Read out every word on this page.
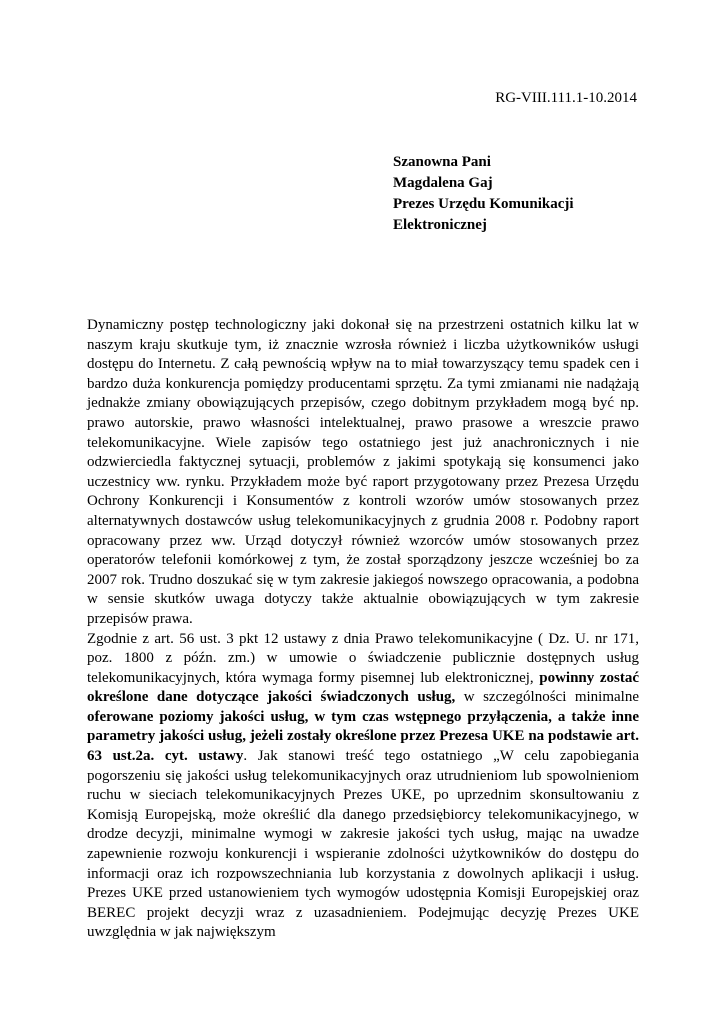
RG-VIII.111.1-10.2014
Szanowna Pani
Magdalena Gaj
Prezes Urzędu Komunikacji
Elektronicznej

Dynamiczny postęp technologiczny jaki dokonał się na przestrzeni ostatnich kilku lat w naszym kraju skutkuje tym, iż znacznie wzrosła również i liczba użytkowników usługi dostępu do Internetu. Z całą pewnością wpływ na to miał towarzyszący temu spadek cen i bardzo duża konkurencja pomiędzy producentami sprzętu. Za tymi zmianami nie nadążają jednakże zmiany obowiązujących przepisów, czego dobitnym przykładem mogą być np. prawo autorskie, prawo własności intelektualnej, prawo prasowe a wreszcie prawo telekomunikacyjne. Wiele zapisów tego ostatniego jest już anachronicznych i nie odzwierciedla faktycznej sytuacji, problemów z jakimi spotykają się konsumenci jako uczestnicy ww. rynku. Przykładem może być raport przygotowany przez Prezesa Urzędu Ochrony Konkurencji i Konsumentów z kontroli wzorów umów stosowanych przez alternatywnych dostawców usług telekomunikacyjnych z grudnia 2008 r. Podobny raport opracowany przez ww. Urząd dotyczył również wzorców umów stosowanych przez operatorów telefonii komórkowej z tym, że został sporządzony jeszcze wcześniej bo za 2007 rok. Trudno doszukać się w tym zakresie jakiegoś nowszego opracowania, a podobna w sensie skutków uwaga dotyczy także aktualnie obowiązujących w tym zakresie przepisów prawa.

Zgodnie z art. 56 ust. 3 pkt 12 ustawy z dnia Prawo telekomunikacyjne ( Dz. U. nr 171, poz. 1800 z późn. zm.) w umowie o świadczenie publicznie dostępnych usług telekomunikacyjnych, która wymaga formy pisemnej lub elektronicznej, powinny zostać określone dane dotyczące jakości świadczonych usług, w szczególności minimalne oferowane poziomy jakości usług, w tym czas wstępnego przyłączenia, a także inne parametry jakości usług, jeżeli zostały określone przez Prezesa UKE na podstawie art. 63 ust.2a. cyt. ustawy. Jak stanowi treść tego ostatniego „W celu zapobiegania pogorszeniu się jakości usług telekomunikacyjnych oraz utrudnieniom lub spowolnieniom ruchu w sieciach telekomunikacyjnych Prezes UKE, po uprzednim skonsultowaniu z Komisją Europejską, może określić dla danego przedsiębiorcy telekomunikacyjnego, w drodze decyzji, minimalne wymogi w zakresie jakości tych usług, mając na uwadze zapewnienie rozwoju konkurencji i wspieranie zdolności użytkowników do dostępu do informacji oraz ich rozpowszechniania lub korzystania z dowolnych aplikacji i usług. Prezes UKE przed ustanowieniem tych wymogów udostępnia Komisji Europejskiej oraz BEREC projekt decyzji wraz z uzasadnieniem. Podejmując decyzję Prezes UKE uwzględnia w jak największym
